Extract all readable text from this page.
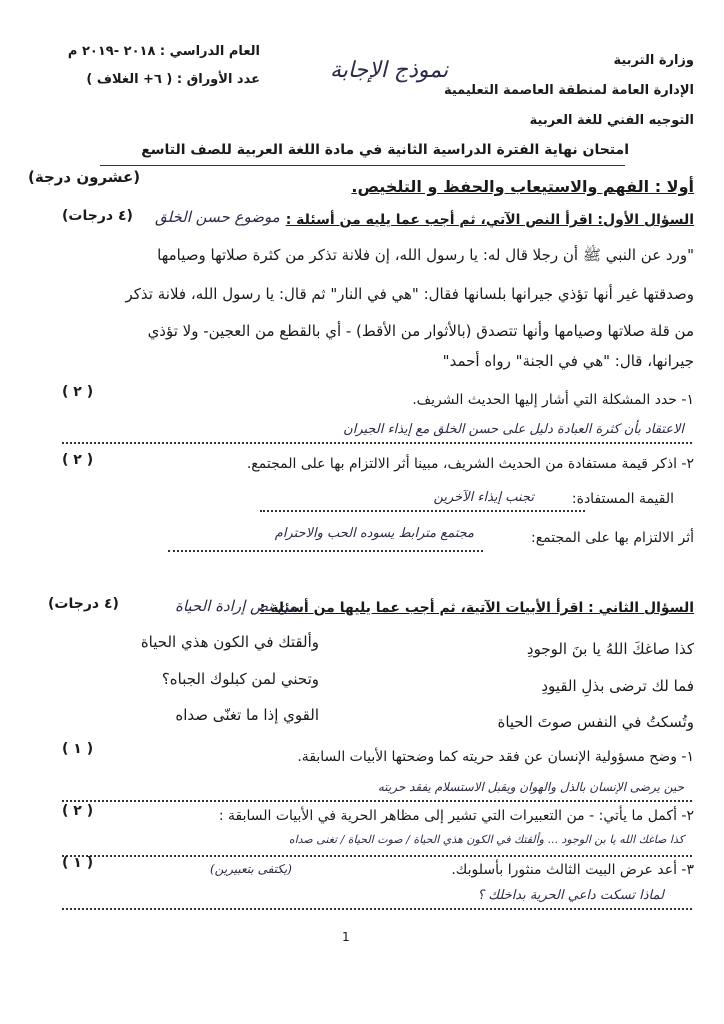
وزارة التربية
الإدارة العامة لمنطقة العاصمة التعليمية
التوجيه الفني للغة العربية
العام الدراسي : ٢٠١٨ -٢٠١٩ م
عدد الأوراق : ( ٦+ الغلاف )	نموذج الإجابة
امتحان نهاية الفترة الدراسية الثانية في مادة اللغة العربية للصف التاسع
أولا : الفهم والاستيعاب والحفظ و التلخيص.
(عشرون درجة)
السؤال الأول: اقرأ النص الآتي، ثم أجب عما يليه من أسئلة :
موضوع حسن الخلق
(٤ درجات)
"ورد عن النبي ﷺ أن رجلا قال له: يا رسول الله، إن فلانة تذكر من كثرة صلاتها وصيامها
وصدقتها غير أنها تؤذي جيرانها بلسانها فقال: "هي في النار" ثم قال: يا رسول الله، فلانة تذكر
من قلة صلاتها وصيامها وأنها تتصدق (بالأثوار من الأقط) - أي بالقطع من العجين- ولا تؤذي
جيرانها، قال: "هي في الجنة" رواه أحمد"
( ٢ )	١- حدد المشكلة التي أشار إليها الحديث الشريف.
الاعتقاد بأن كثرة العبادة دليل على حسن الخلق مع إيذاء الجيران
( ٢ )	٢- اذكر قيمة مستفادة من الحديث الشريف، مبينا أثر الالتزام بها على المجتمع.
القيمة المستفادة:
تجنب إيذاء الآخرين
أثر الالتزام بها على المجتمع:
مجتمع مترابط يسوده الحب والاحترام
السؤال الثاني : اقرأ الأبيات الآتية، ثم أجب عما يليها من أسئلة :
من نص إرادة الحياة
(٤ درجات)
كذا صاغكَ اللهُ يا بنَ الوجودِ
وألقتك في الكون هذي الحياة
فما لك ترضى بذلِ القيودِ
وتحني لمن كبلوك الجباه؟
وتُسكتُ في النفس صوتَ الحياة
القوي إذا ما تغنّى صداه
( ١ )	١- وضح مسؤولية الإنسان عن فقد حريته كما وضحتها الأبيات السابقة.
حين يرضى الإنسان بالذل والهوان ويقبل الاستسلام يفقد حريته
( ٢ )	٢- أكمل ما يأتي: - من التعبيرات التي تشير إلى مظاهر الحرية في الأبيات السابقة :
كذا صاغك الله يا بن الوجود ... وألقتك في الكون هذي الحياة / صوت الحياة / تغنى صداه
(يكتفى بتعبيرين)
( ١ )	٣- أعد عرض البيت الثالث منثورا بأسلوبك.
لماذا تسكت داعي الحرية بداخلك ؟
1
